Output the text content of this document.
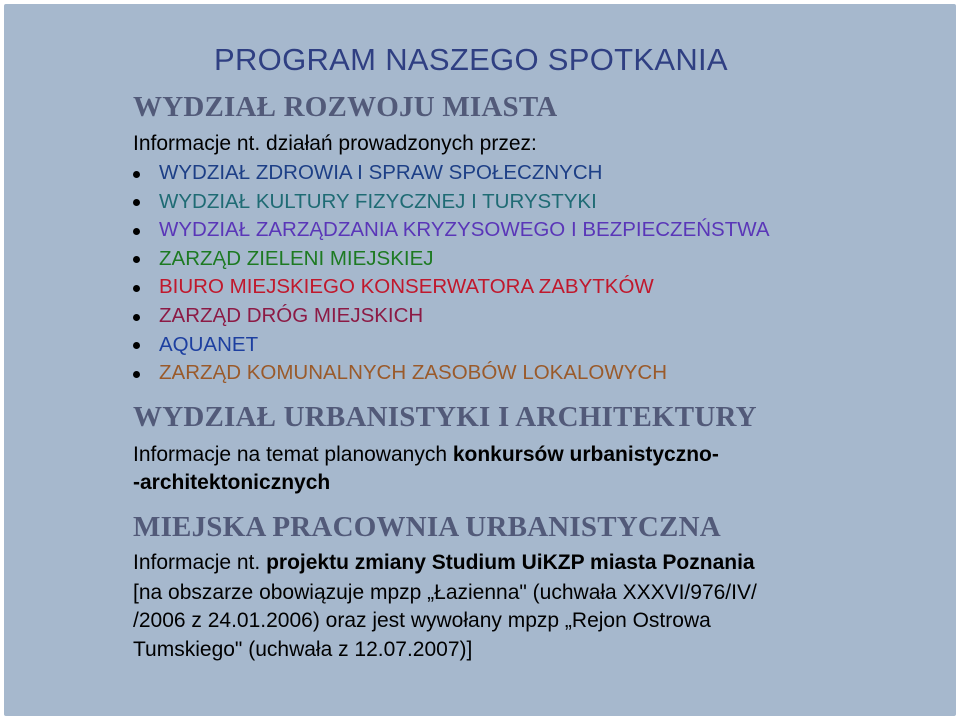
PROGRAM NASZEGO SPOTKANIA
WYDZIAŁ ROZWOJU MIASTA

Informacje nt. działań prowadzonych przez:

WYDZIAŁ ZDROWIA I SPRAW SPOŁECZNYCH
WYDZIAŁ KULTURY FIZYCZNEJ I TURYSTYKI
WYDZIAŁ ZARZĄDZANIA KRYZYSOWEGO I BEZPIECZEŃSTWA
ZARZĄD ZIELENI MIEJSKIEJ
BIURO MIEJSKIEGO KONSERWATORA ZABYTKÓW
ZARZĄD DRÓG MIEJSKICH
AQUANET
ZARZĄD KOMUNALNYCH ZASOBÓW LOKALOWYCH
WYDZIAŁ URBANISTYKI I ARCHITEKTURY

Informacje na temat planowanych konkursów urbanistyczno-

-architektonicznych

MIEJSKA PRACOWNIA URBANISTYCZNA

Informacje nt. projektu zmiany Studium UiKZP miasta Poznania

[na obszarze obowiązuje mpzp „Łazienna" (uchwała XXXVI/976/IV/

/2006 z 24.01.2006) oraz jest wywołany mpzp „Rejon Ostrowa

Tumskiego" (uchwała z 12.07.2007)]
